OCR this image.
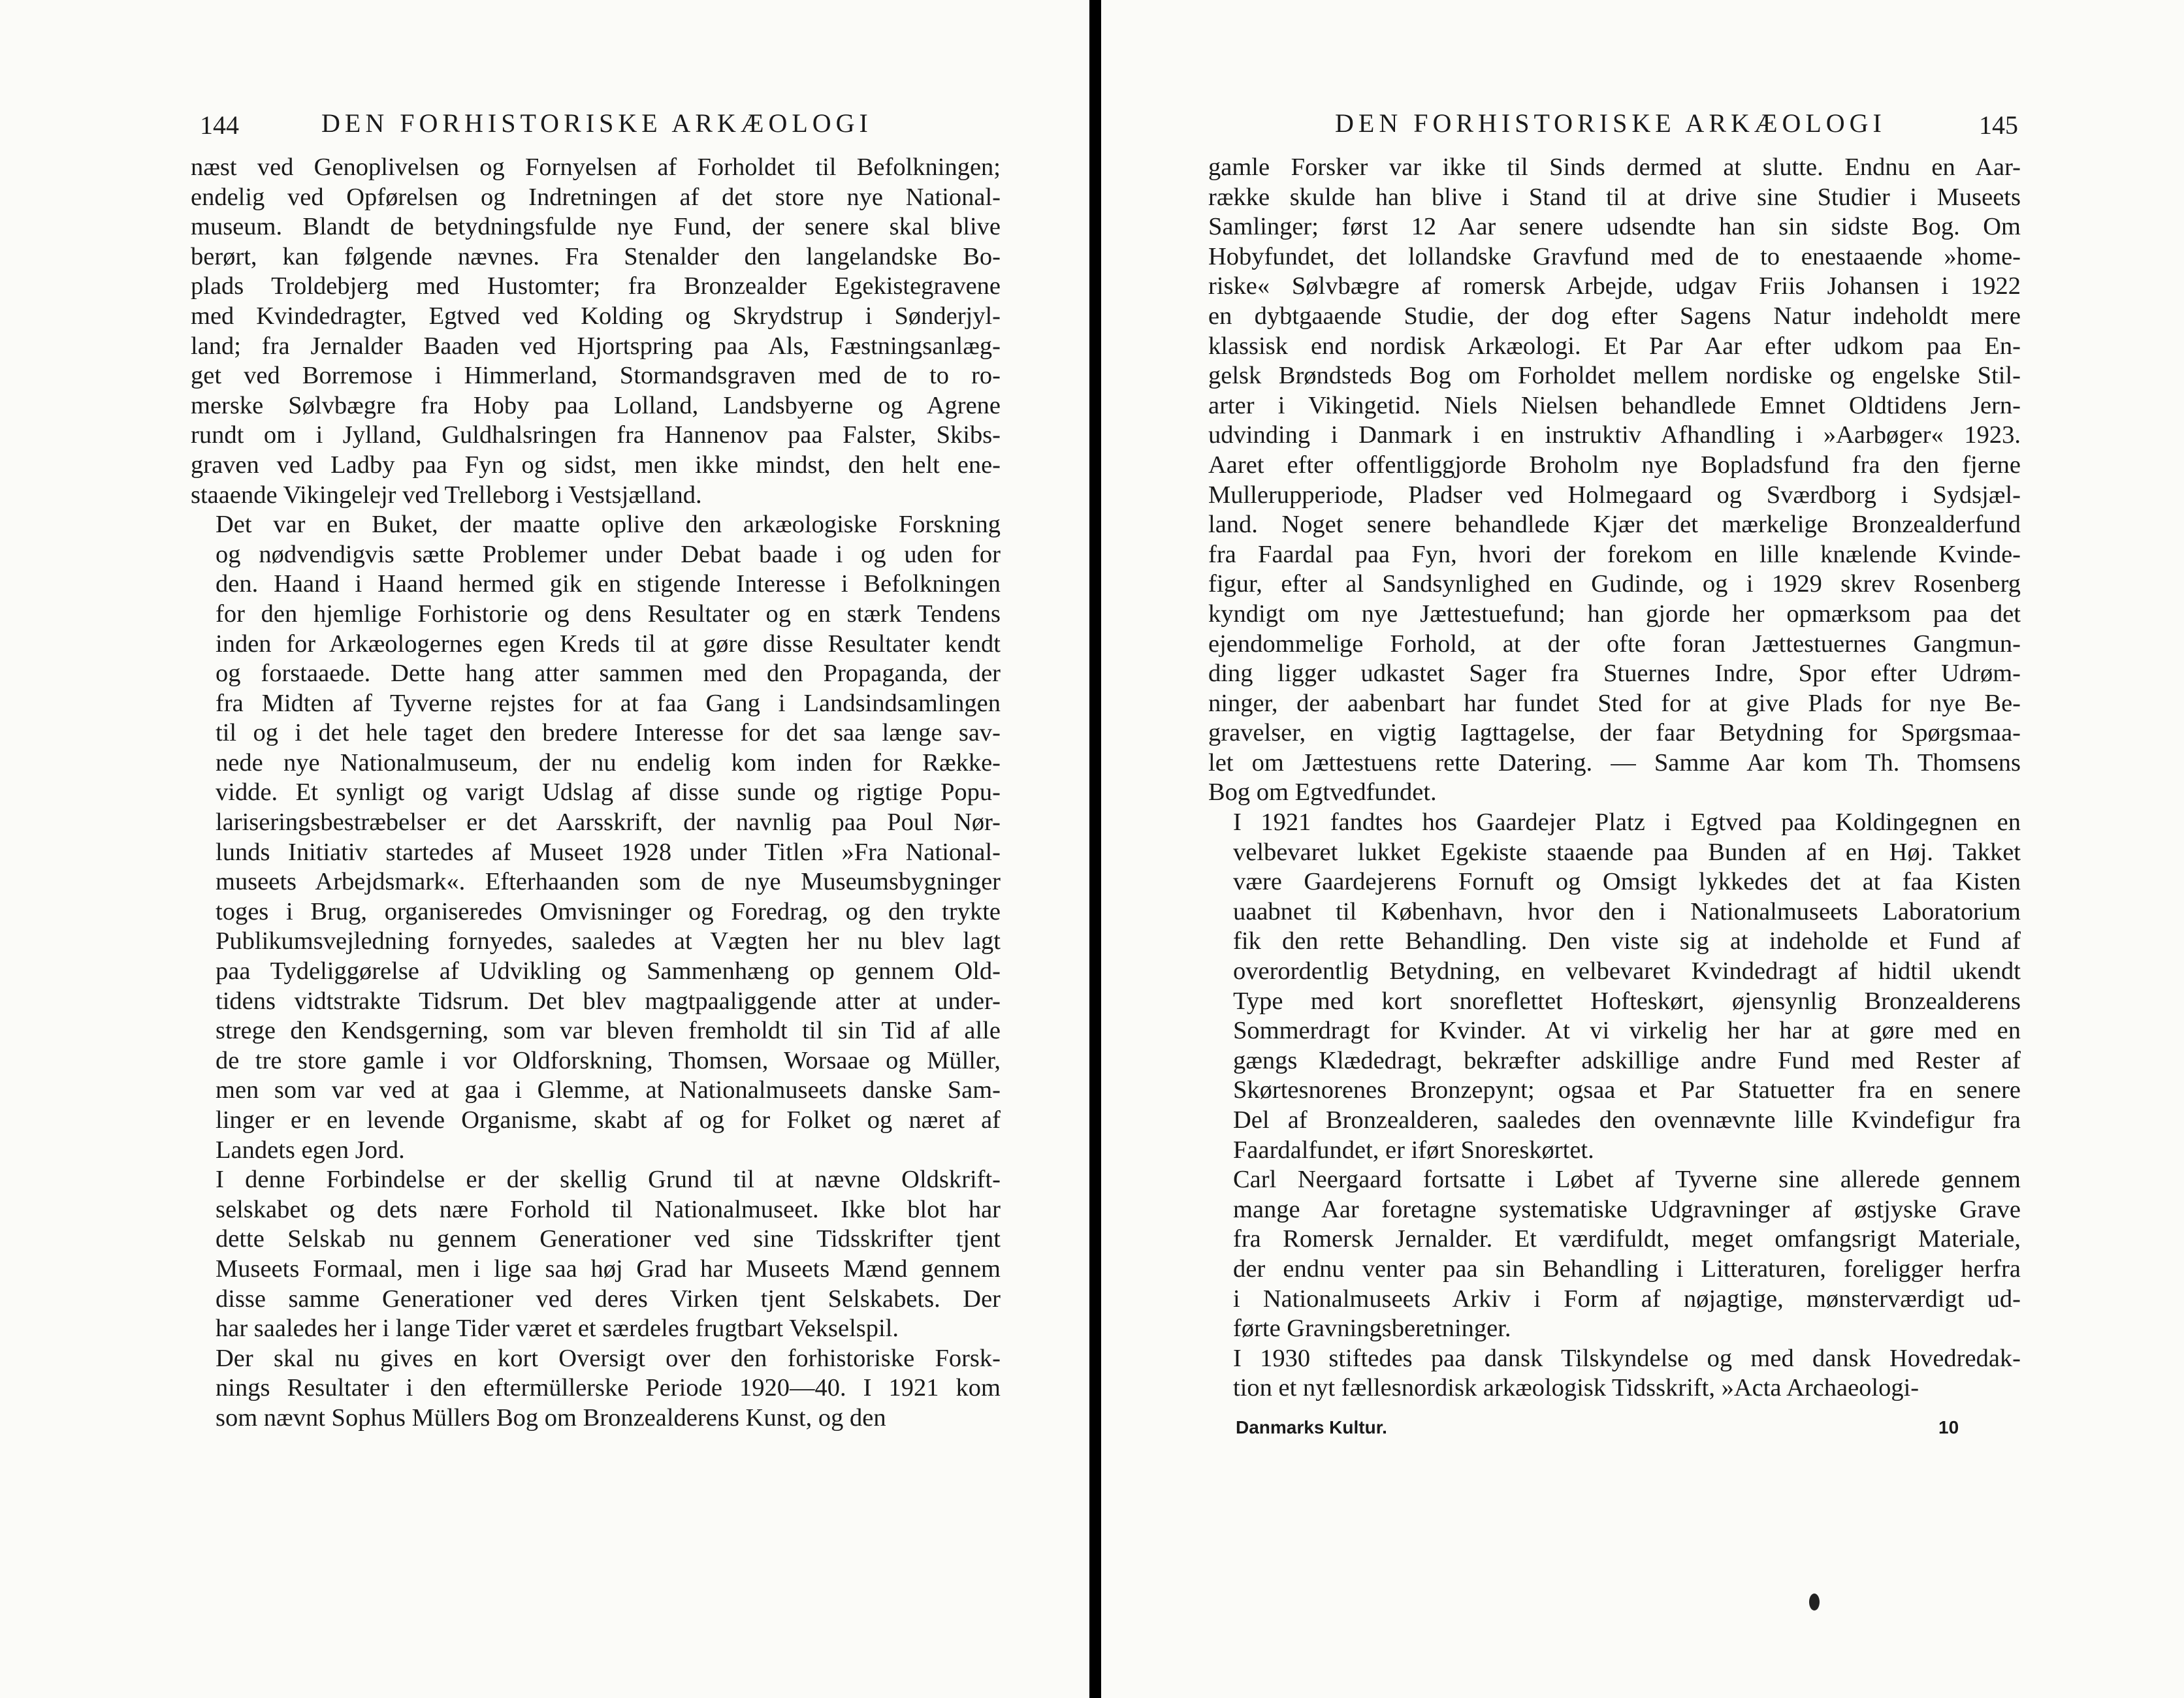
144	DEN FORHISTORISKE ARKÆOLOGI

næst ved Genoplivelsen og Fornyelsen af Forholdet til Befolkningen;
endelig ved Opførelsen og Indretningen af det store nye National-
museum. Blandt de betydningsfulde nye Fund, der senere skal blive
berørt, kan følgende nævnes. Fra Stenalder den langelandske Bo-
plads Troldebjerg med Hustomter; fra Bronzealder Egekistegravene
med Kvindedragter, Egtved ved Kolding og Skrydstrup i Sønderjyl-
land; fra Jernalder Baaden ved Hjortspring paa Als, Fæstningsanlæg-
get ved Borremose i Himmerland, Stormandsgraven med de to ro-
merske Sølvbægre fra Hoby paa Lolland, Landsbyerne og Agrene
rundt om i Jylland, Guldhalsringen fra Hannenov paa Falster, Skibs-
graven ved Ladby paa Fyn og sidst, men ikke mindst, den helt ene-
staaende Vikingelejr ved Trelleborg i Vestsjælland.

Det var en Buket, der maatte oplive den arkæologiske Forskning
og nødvendigvis sætte Problemer under Debat baade i og uden for
den. Haand i Haand hermed gik en stigende Interesse i Befolkningen
for den hjemlige Forhistorie og dens Resultater og en stærk Tendens
inden for Arkæologernes egen Kreds til at gøre disse Resultater kendt
og forstaaede. Dette hang atter sammen med den Propaganda, der
fra Midten af Tyverne rejstes for at faa Gang i Landsindsamlingen
til og i det hele taget den bredere Interesse for det saa længe sav-
nede nye Nationalmuseum, der nu endelig kom inden for Række-
vidde. Et synligt og varigt Udslag af disse sunde og rigtige Popu-
lariseringsbestræbelser er det Aarsskrift, der navnlig paa Poul Nør-
lunds Initiativ startedes af Museet 1928 under Titlen »Fra National-
museets Arbejdsmark«. Efterhaanden som de nye Museumsbygninger
toges i Brug, organiseredes Omvisninger og Foredrag, og den trykte
Publikumsvejledning fornyedes, saaledes at Vægten her nu blev lagt
paa Tydeliggørelse af Udvikling og Sammenhæng op gennem Old-
tidens vidtstrakte Tidsrum. Det blev magtpaaliggende atter at under-
strege den Kendsgerning, som var bleven fremholdt til sin Tid af alle
de tre store gamle i vor Oldforskning, Thomsen, Worsaae og Müller,
men som var ved at gaa i Glemme, at Nationalmuseets danske Sam-
linger er en levende Organisme, skabt af og for Folket og næret af
Landets egen Jord.

I denne Forbindelse er der skellig Grund til at nævne Oldskrift-
selskabet og dets nære Forhold til Nationalmuseet. Ikke blot har
dette Selskab nu gennem Generationer ved sine Tidsskrifter tjent
Museets Formaal, men i lige saa høj Grad har Museets Mænd gennem
disse samme Generationer ved deres Virken tjent Selskabets. Der
har saaledes her i lange Tider været et særdeles frugtbart Vekselspil.

Der skal nu gives en kort Oversigt over den forhistoriske Forsk-
nings Resultater i den eftermüllerske Periode 1920—40. I 1921 kom
som nævnt Sophus Müllers Bog om Bronzealderens Kunst, og den

DEN FORHISTORISKE ARKÆOLOGI	145

gamle Forsker var ikke til Sinds dermed at slutte. Endnu en Aar-
række skulde han blive i Stand til at drive sine Studier i Museets
Samlinger; først 12 Aar senere udsendte han sin sidste Bog. Om
Hobyfundet, det lollandske Gravfund med de to enestaaende »home-
riske« Sølvbægre af romersk Arbejde, udgav Friis Johansen i 1922
en dybtgaaende Studie, der dog efter Sagens Natur indeholdt mere
klassisk end nordisk Arkæologi. Et Par Aar efter udkom paa En-
gelsk Brøndsteds Bog om Forholdet mellem nordiske og engelske Stil-
arter i Vikingetid. Niels Nielsen behandlede Emnet Oldtidens Jern-
udvinding i Danmark i en instruktiv Afhandling i »Aarbøger« 1923.
Aaret efter offentliggjorde Broholm nye Bopladsfund fra den fjerne
Mullerupperiode, Pladser ved Holmegaard og Sværdborg i Sydsjæl-
land. Noget senere behandlede Kjær det mærkelige Bronzealderfund
fra Faardal paa Fyn, hvori der forekom en lille knælende Kvinde-
figur, efter al Sandsynlighed en Gudinde, og i 1929 skrev Rosenberg
kyndigt om nye Jættestuefund; han gjorde her opmærksom paa det
ejendommelige Forhold, at der ofte foran Jættestuernes Gangmun-
ding ligger udkastet Sager fra Stuernes Indre, Spor efter Udrøm-
ninger, der aabenbart har fundet Sted for at give Plads for nye Be-
gravelser, en vigtig Iagttagelse, der faar Betydning for Spørgsmaa-
let om Jættestuens rette Datering. — Samme Aar kom Th. Thomsens
Bog om Egtvedfundet.

I 1921 fandtes hos Gaardejer Platz i Egtved paa Koldingegnen en
velbevaret lukket Egekiste staaende paa Bunden af en Høj. Takket
være Gaardejerens Fornuft og Omsigt lykkedes det at faa Kisten
uaabnet til København, hvor den i Nationalmuseets Laboratorium
fik den rette Behandling. Den viste sig at indeholde et Fund af
overordentlig Betydning, en velbevaret Kvindedragt af hidtil ukendt
Type med kort snoreflettet Hofteskørt, øjensynlig Bronzealderens
Sommerdragt for Kvinder. At vi virkelig her har at gøre med en
gængs Klædedragt, bekræfter adskillige andre Fund med Rester af
Skørtesnorenes Bronzepynt; ogsaa et Par Statuetter fra en senere
Del af Bronzealderen, saaledes den ovennævnte lille Kvindefigur fra
Faardalfundet, er iført Snoreskørtet.

Carl Neergaard fortsatte i Løbet af Tyverne sine allerede gennem
mange Aar foretagne systematiske Udgravninger af østjyske Grave
fra Romersk Jernalder. Et værdifuldt, meget omfangsrigt Materiale,
der endnu venter paa sin Behandling i Litteraturen, foreligger herfra
i Nationalmuseets Arkiv i Form af nøjagtige, mønsterværdigt ud-
førte Gravningsberetninger.

I 1930 stiftedes paa dansk Tilskyndelse og med dansk Hovedredak-
tion et nyt fællesnordisk arkæologisk Tidsskrift, »Acta Archaeologi-

Danmarks Kultur.	10
